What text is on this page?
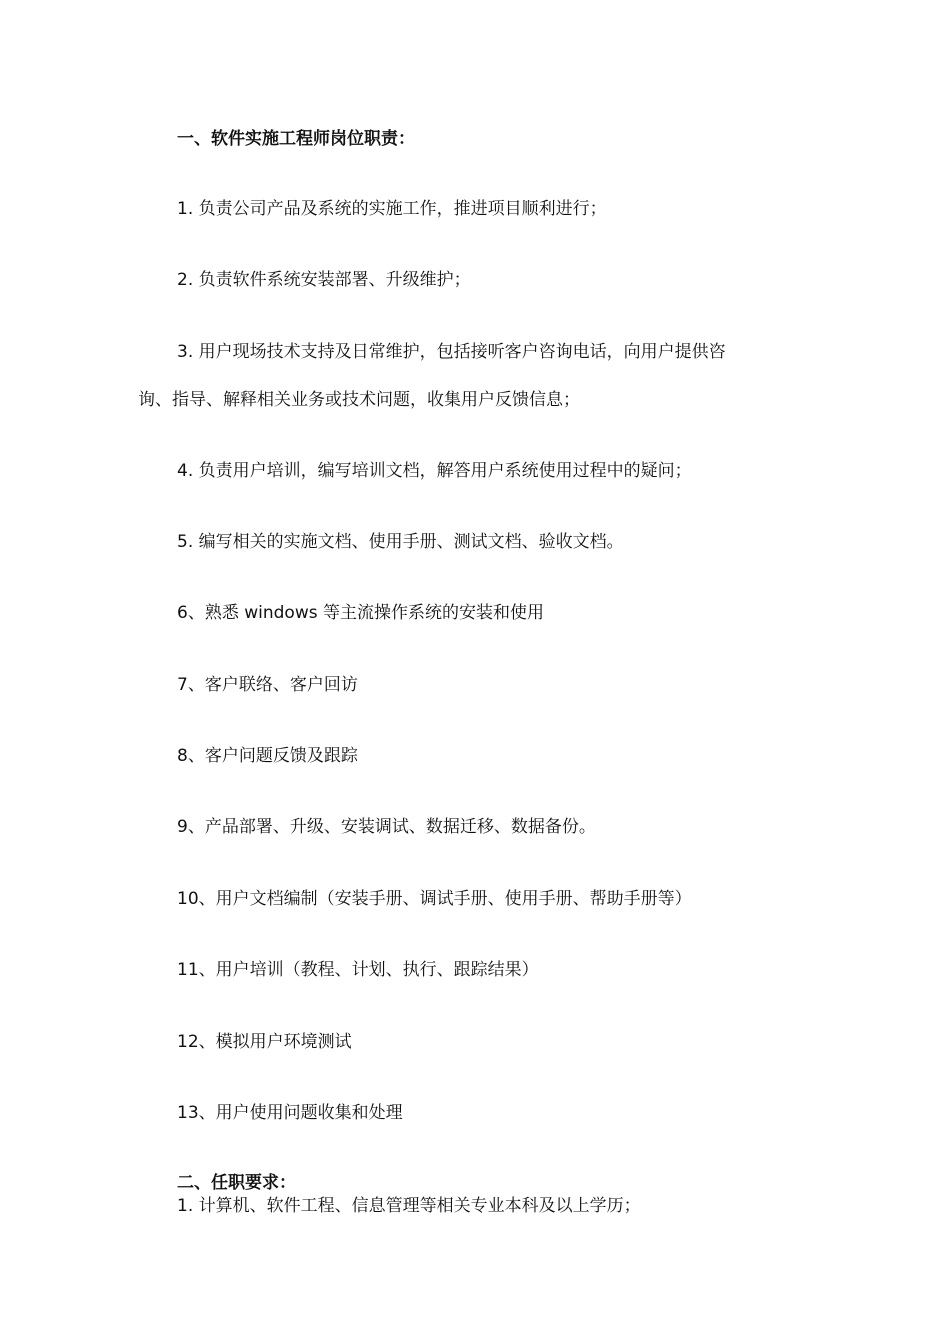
一、软件实施工程师岗位职责：
1. 负责公司产品及系统的实施工作，推进项目顺利进行；
2. 负责软件系统安装部署、升级维护；
3. 用户现场技术支持及日常维护，包括接听客户咨询电话，向用户提供咨
询、指导、解释相关业务或技术问题，收集用户反馈信息；
4. 负责用户培训，编写培训文档，解答用户系统使用过程中的疑问；
5. 编写相关的实施文档、使用手册、测试文档、验收文档。
6、熟悉 windows 等主流操作系统的安装和使用
7、客户联络、客户回访
8、客户问题反馈及跟踪
9、产品部署、升级、安装调试、数据迁移、数据备份。
10、用户文档编制（安装手册、调试手册、使用手册、帮助手册等）
11、用户培训（教程、计划、执行、跟踪结果）
12、模拟用户环境测试
13、用户使用问题收集和处理
二、任职要求：
1. 计算机、软件工程、信息管理等相关专业本科及以上学历；
